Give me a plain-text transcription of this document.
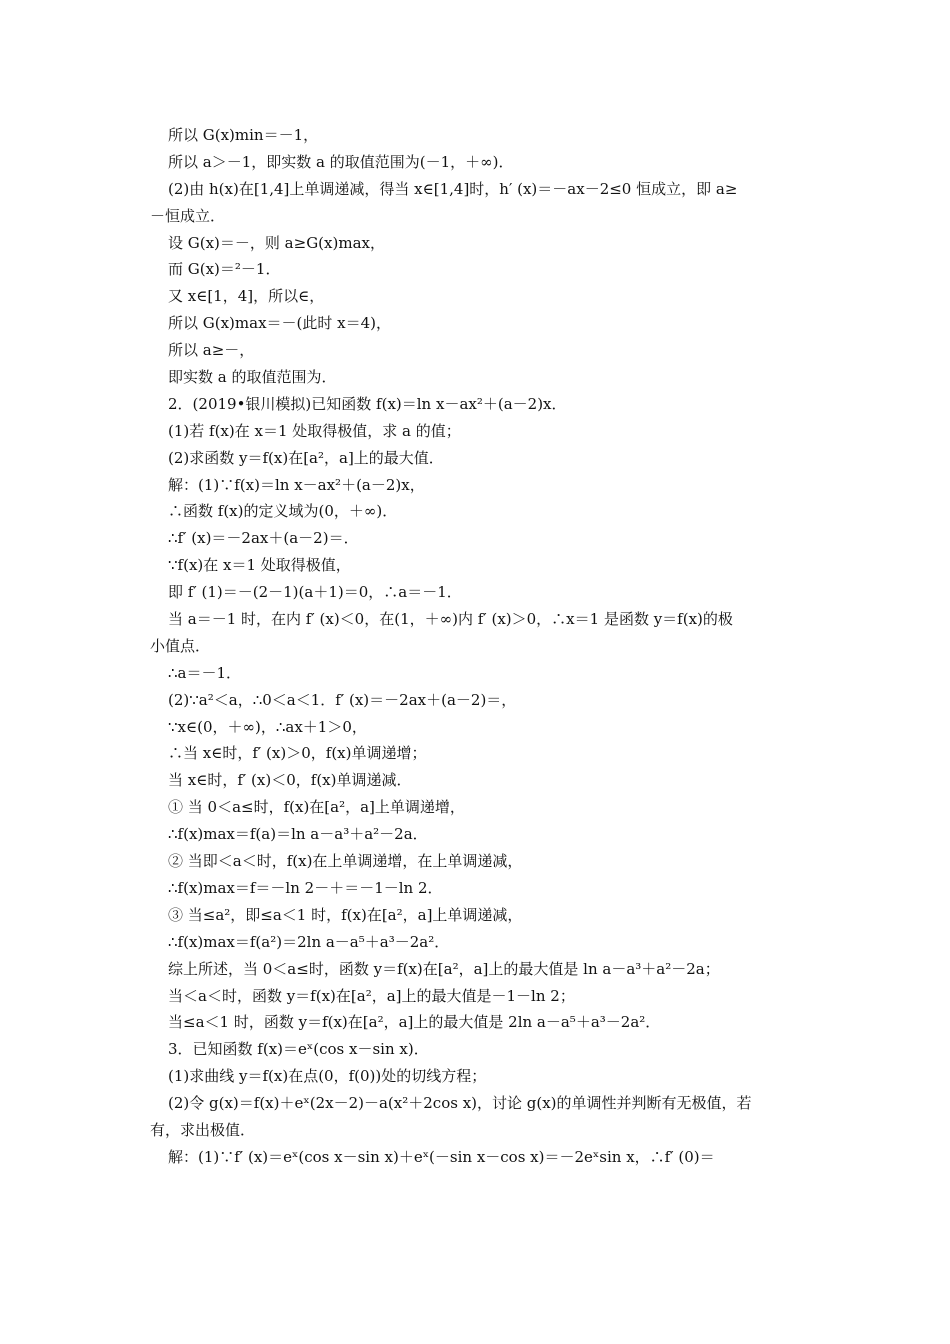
所以 G(x)min＝－1，
所以 a＞－1，即实数 a 的取值范围为(－1，＋∞)．
(2)由 h(x)在[1,4]上单调递减，得当 x∈[1,4]时，h′ (x)＝－ax－2≤0 恒成立，即 a≥
－恒成立．
设 G(x)＝－，则 a≥G(x)max，
而 G(x)＝²－1．
又 x∈[1，4]，所以∈，
所以 G(x)max＝－(此时 x＝4)，
所以 a≥－，
即实数 a 的取值范围为．
2．(2019•银川模拟)已知函数 f(x)＝ln x－ax²＋(a－2)x．
(1)若 f(x)在 x＝1 处取得极值，求 a 的值；
(2)求函数 y＝f(x)在[a²，a]上的最大值．
解：(1)∵f(x)＝ln x－ax²＋(a－2)x，
∴函数 f(x)的定义域为(0，＋∞)．
∴f′ (x)＝－2ax＋(a－2)＝．
∵f(x)在 x＝1 处取得极值，
即 f′ (1)＝－(2－1)(a＋1)＝0，∴a＝－1．
当 a＝－1 时，在内 f′ (x)＜0，在(1，＋∞)内 f′ (x)＞0，∴x＝1 是函数 y＝f(x)的极
小值点．
∴a＝－1．
(2)∵a²＜a，∴0＜a＜1．f′ (x)＝－2ax＋(a－2)＝，
∵x∈(0，＋∞)，∴ax＋1＞0，
∴当 x∈时，f′ (x)＞0，f(x)单调递增；
当 x∈时，f′ (x)＜0，f(x)单调递减．
① 当 0＜a≤时，f(x)在[a²，a]上单调递增，
∴f(x)max＝f(a)＝ln a－a³＋a²－2a．
② 当即＜a＜时，f(x)在上单调递增，在上单调递减，
∴f(x)max＝f＝－ln 2－＋＝－1－ln 2．
③ 当≤a²，即≤a＜1 时，f(x)在[a²，a]上单调递减，
∴f(x)max＝f(a²)＝2ln a－a⁵＋a³－2a²．
综上所述，当 0＜a≤时，函数 y＝f(x)在[a²，a]上的最大值是 ln a－a³＋a²－2a；
当＜a＜时，函数 y＝f(x)在[a²，a]上的最大值是－1－ln 2；
当≤a＜1 时，函数 y＝f(x)在[a²，a]上的最大值是 2ln a－a⁵＋a³－2a²．
3．已知函数 f(x)＝eˣ(cos x－sin x)．
(1)求曲线 y＝f(x)在点(0，f(0))处的切线方程；
(2)令 g(x)＝f(x)＋eˣ(2x－2)－a(x²＋2cos x)，讨论 g(x)的单调性并判断有无极值，若
有，求出极值．
解：(1)∵f′ (x)＝eˣ(cos x－sin x)＋eˣ(－sin x－cos x)＝－2eˣsin x，∴f′ (0)＝
